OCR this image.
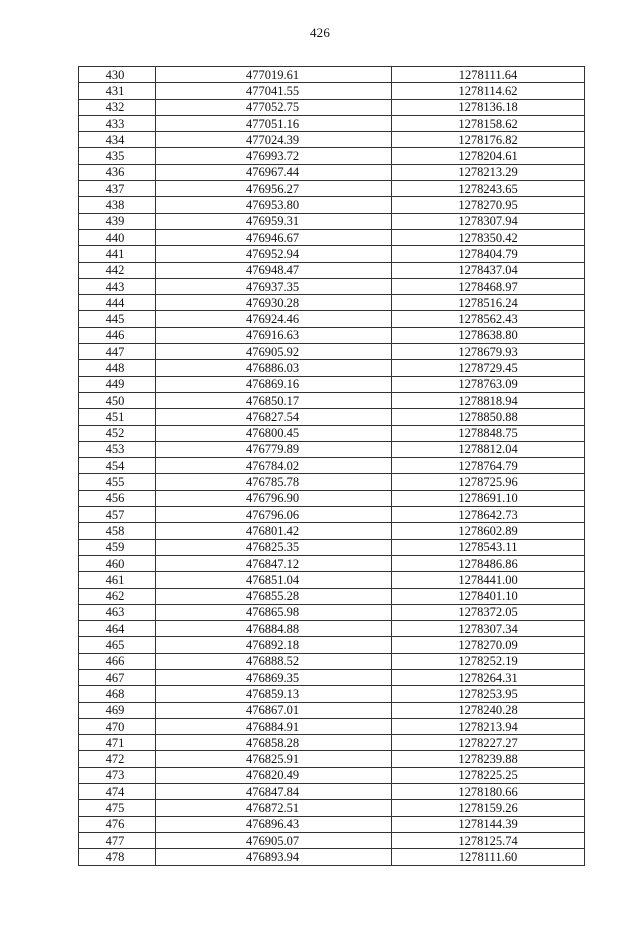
426
430	477019.61	1278111.64
431	477041.55	1278114.62
432	477052.75	1278136.18
433	477051.16	1278158.62
434	477024.39	1278176.82
435	476993.72	1278204.61
436	476967.44	1278213.29
437	476956.27	1278243.65
438	476953.80	1278270.95
439	476959.31	1278307.94
440	476946.67	1278350.42
441	476952.94	1278404.79
442	476948.47	1278437.04
443	476937.35	1278468.97
444	476930.28	1278516.24
445	476924.46	1278562.43
446	476916.63	1278638.80
447	476905.92	1278679.93
448	476886.03	1278729.45
449	476869.16	1278763.09
450	476850.17	1278818.94
451	476827.54	1278850.88
452	476800.45	1278848.75
453	476779.89	1278812.04
454	476784.02	1278764.79
455	476785.78	1278725.96
456	476796.90	1278691.10
457	476796.06	1278642.73
458	476801.42	1278602.89
459	476825.35	1278543.11
460	476847.12	1278486.86
461	476851.04	1278441.00
462	476855.28	1278401.10
463	476865.98	1278372.05
464	476884.88	1278307.34
465	476892.18	1278270.09
466	476888.52	1278252.19
467	476869.35	1278264.31
468	476859.13	1278253.95
469	476867.01	1278240.28
470	476884.91	1278213.94
471	476858.28	1278227.27
472	476825.91	1278239.88
473	476820.49	1278225.25
474	476847.84	1278180.66
475	476872.51	1278159.26
476	476896.43	1278144.39
477	476905.07	1278125.74
478	476893.94	1278111.60
